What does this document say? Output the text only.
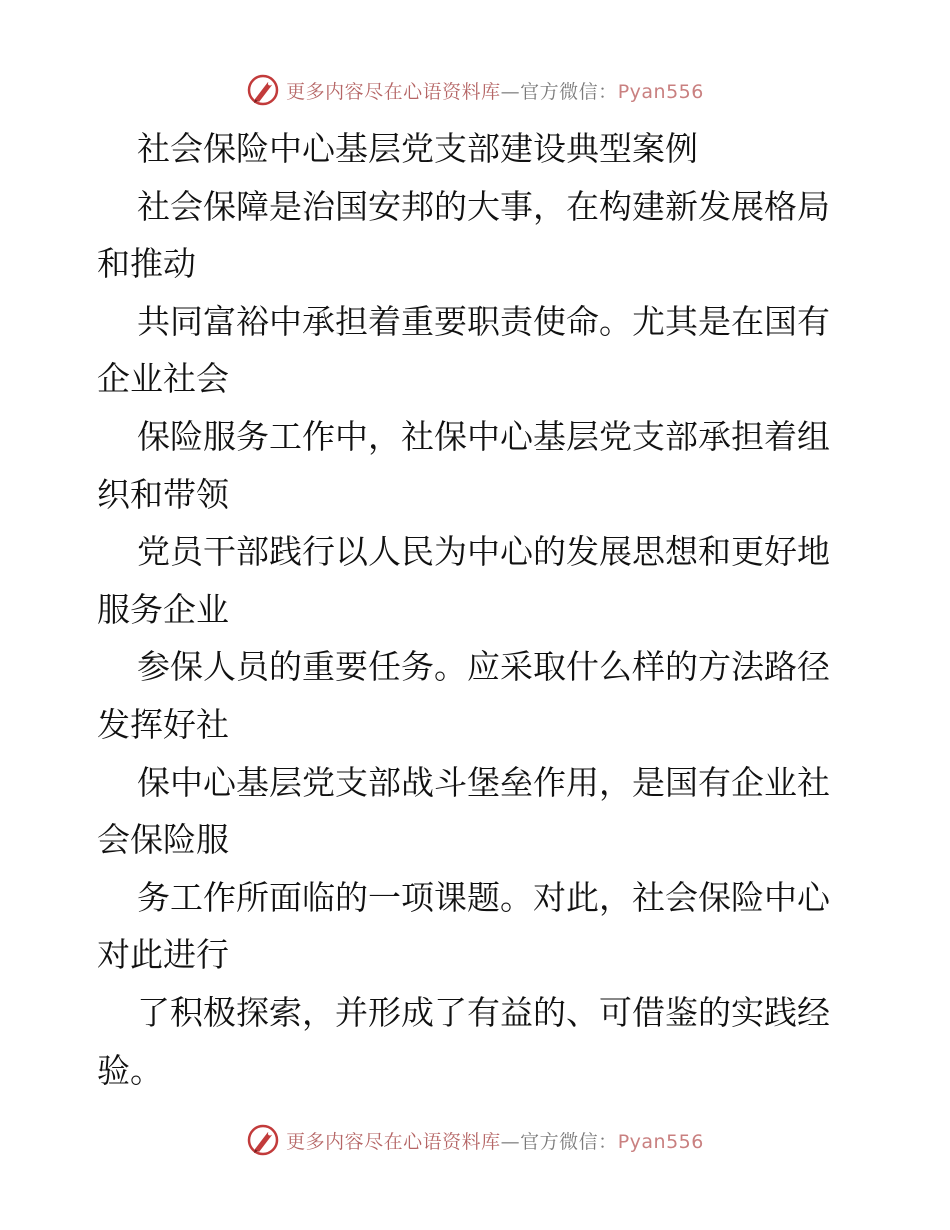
更多内容尽在心语资料库—官方微信：Pyan556
社会保险中心基层党支部建设典型案例
社会保障是治国安邦的大事，在构建新发展格局
和推动
共同富裕中承担着重要职责使命。尤其是在国有
企业社会
保险服务工作中，社保中心基层党支部承担着组
织和带领
党员干部践行以人民为中心的发展思想和更好地
服务企业
参保人员的重要任务。应采取什么样的方法路径
发挥好社
保中心基层党支部战斗堡垒作用，是国有企业社
会保险服
务工作所面临的一项课题。对此，社会保险中心
对此进行
了积极探索，并形成了有益的、可借鉴的实践经
验。
更多内容尽在心语资料库—官方微信：Pyan556
